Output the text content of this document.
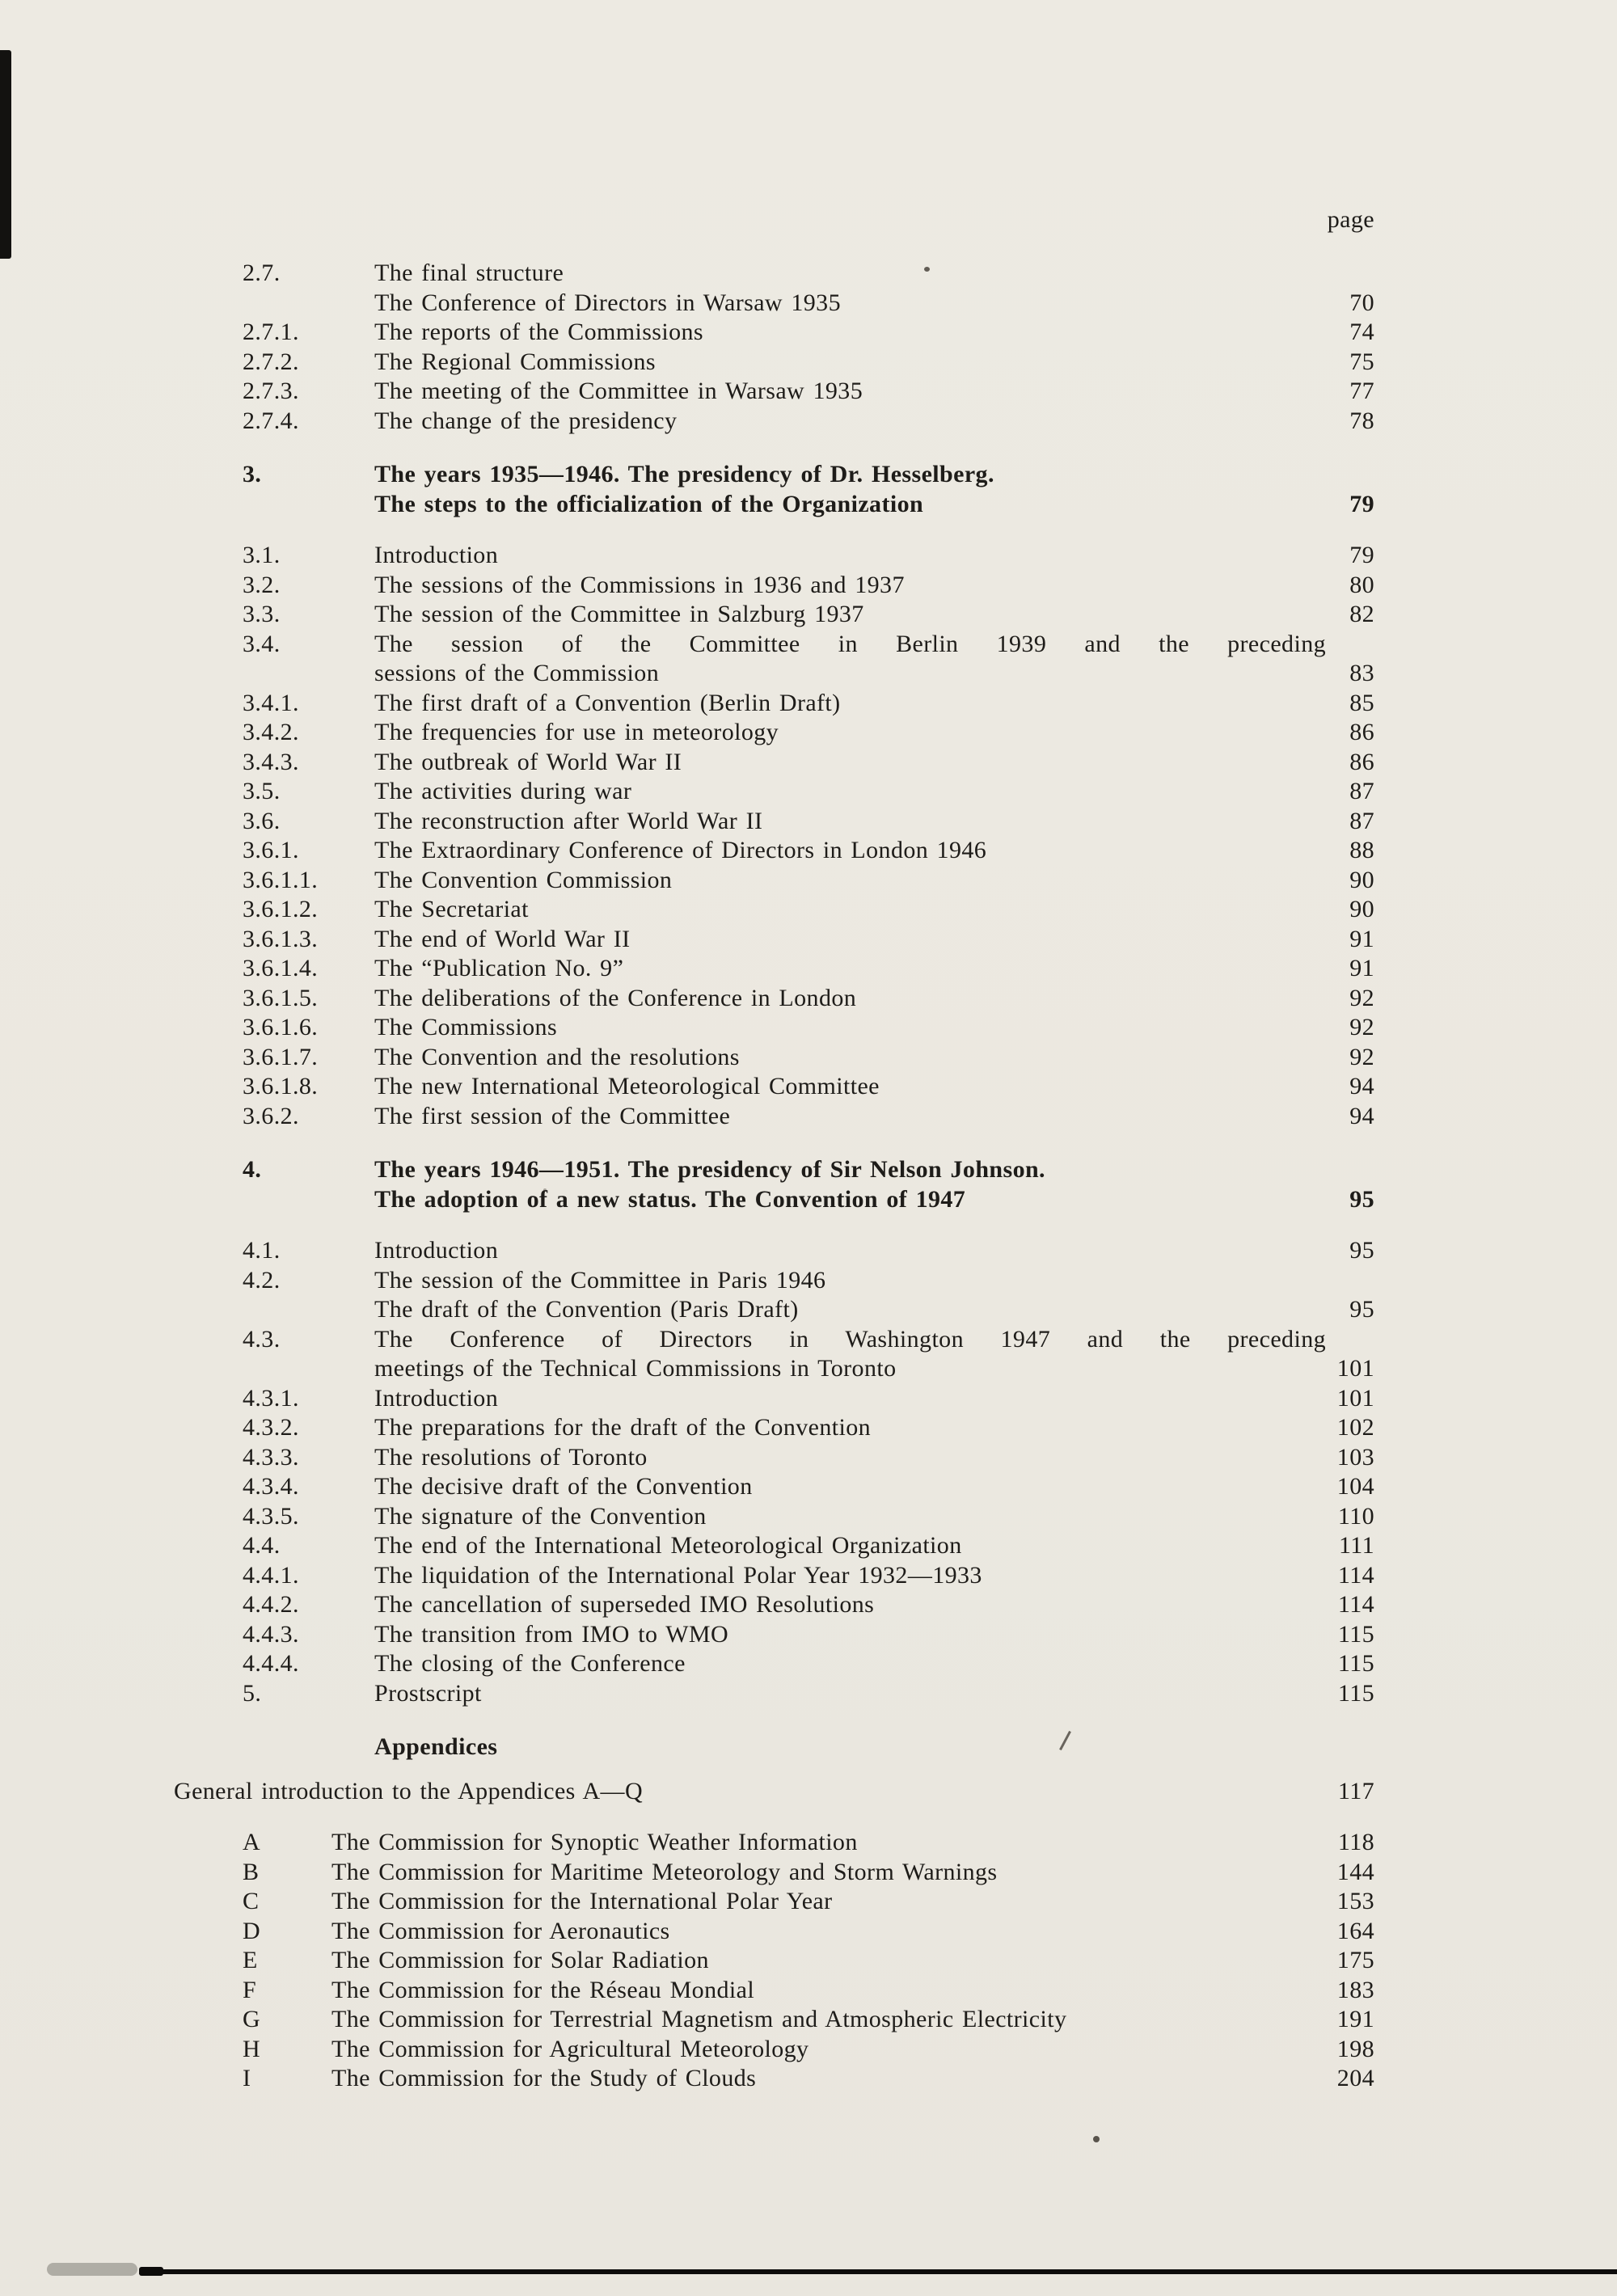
page
2.7.	The final structure
The Conference of Directors in Warsaw 1935	70
2.7.1.	The reports of the Commissions	74
2.7.2.	The Regional Commissions	75
2.7.3.	The meeting of the Committee in Warsaw 1935	77
2.7.4.	The change of the presidency	78
3.	The years 1935—1946. The presidency of Dr. Hesselberg.
The steps to the officialization of the Organization	79
3.1.	Introduction	79
3.2.	The sessions of the Commissions in 1936 and 1937	80
3.3.	The session of the Committee in Salzburg 1937	82
3.4.	The session of the Committee in Berlin 1939 and the preceding
sessions of the Commission	83
3.4.1.	The first draft of a Convention (Berlin Draft)	85
3.4.2.	The frequencies for use in meteorology	86
3.4.3.	The outbreak of World War II	86
3.5.	The activities during war	87
3.6.	The reconstruction after World War II	87
3.6.1.	The Extraordinary Conference of Directors in London 1946	88
3.6.1.1.	The Convention Commission	90
3.6.1.2.	The Secretariat	90
3.6.1.3.	The end of World War II	91
3.6.1.4.	The “Publication No. 9”	91
3.6.1.5.	The deliberations of the Conference in London	92
3.6.1.6.	The Commissions	92
3.6.1.7.	The Convention and the resolutions	92
3.6.1.8.	The new International Meteorological Committee	94
3.6.2.	The first session of the Committee	94
4.	The years 1946—1951. The presidency of Sir Nelson Johnson.
The adoption of a new status. The Convention of 1947	95
4.1.	Introduction	95
4.2.	The session of the Committee in Paris 1946
The draft of the Convention (Paris Draft)	95
4.3.	The Conference of Directors in Washington 1947 and the preceding
meetings of the Technical Commissions in Toronto	101
4.3.1.	Introduction	101
4.3.2.	The preparations for the draft of the Convention	102
4.3.3.	The resolutions of Toronto	103
4.3.4.	The decisive draft of the Convention	104
4.3.5.	The signature of the Convention	110
4.4.	The end of the International Meteorological Organization	111
4.4.1.	The liquidation of the International Polar Year 1932—1933	114
4.4.2.	The cancellation of superseded IMO Resolutions	114
4.4.3.	The transition from IMO to WMO	115
4.4.4.	The closing of the Conference	115
5.	Prostscript	115
Appendices
General introduction to the Appendices A—Q	117
A	The Commission for Synoptic Weather Information	118
B	The Commission for Maritime Meteorology and Storm Warnings	144
C	The Commission for the International Polar Year	153
D	The Commission for Aeronautics	164
E	The Commission for Solar Radiation	175
F	The Commission for the Réseau Mondial	183
G	The Commission for Terrestrial Magnetism and Atmospheric Electricity	191
H	The Commission for Agricultural Meteorology	198
I	The Commission for the Study of Clouds	204
